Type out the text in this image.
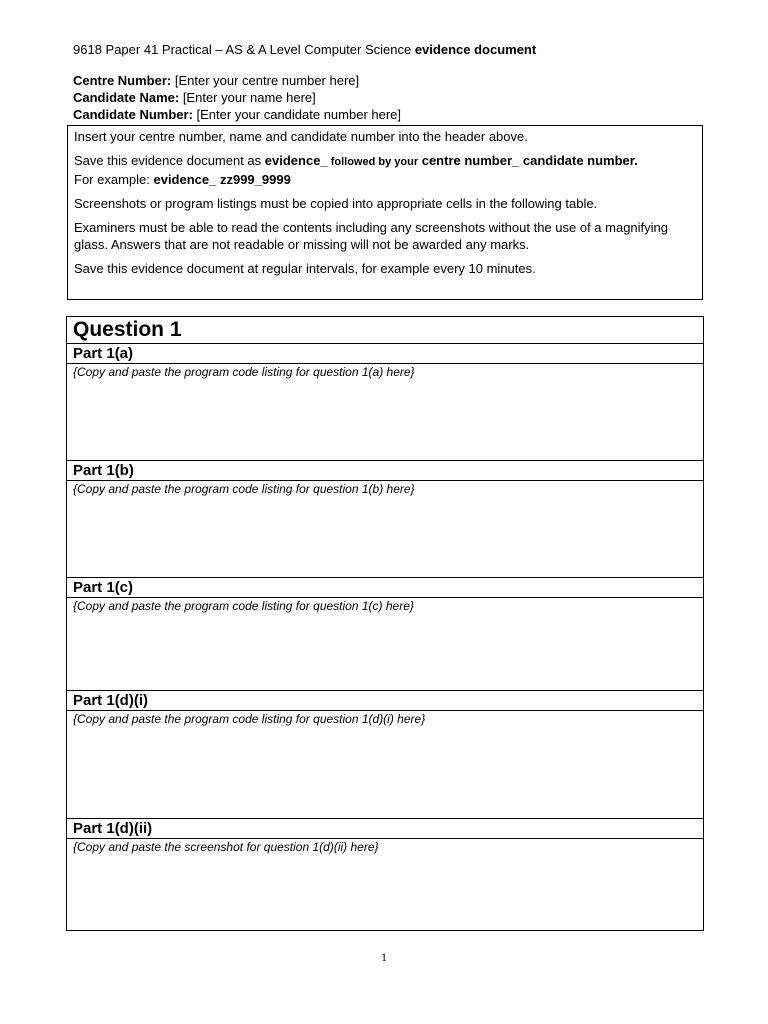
9618 Paper 41 Practical – AS & A Level Computer Science evidence document
Centre Number: [Enter your centre number here]
Candidate Name: [Enter your name here]
Candidate Number: [Enter your candidate number here]

Insert your centre number, name and candidate number into the header above.

Save this evidence document as evidence_ followed by your centre number_ candidate number.
For example: evidence_ zz999_9999

Screenshots or program listings must be copied into appropriate cells in the following table.

Examiners must be able to read the contents including any screenshots without the use of a magnifying glass. Answers that are not readable or missing will not be awarded any marks.

Save this evidence document at regular intervals, for example every 10 minutes.

Question 1
Part 1(a)
{Copy and paste the program code listing for question 1(a) here}
Part 1(b)
{Copy and paste the program code listing for question 1(b) here}
Part 1(c)
{Copy and paste the program code listing for question 1(c) here}
Part 1(d)(i)
{Copy and paste the program code listing for question 1(d)(i) here}
Part 1(d)(ii)
{Copy and paste the screenshot for question 1(d)(ii) here}
1
